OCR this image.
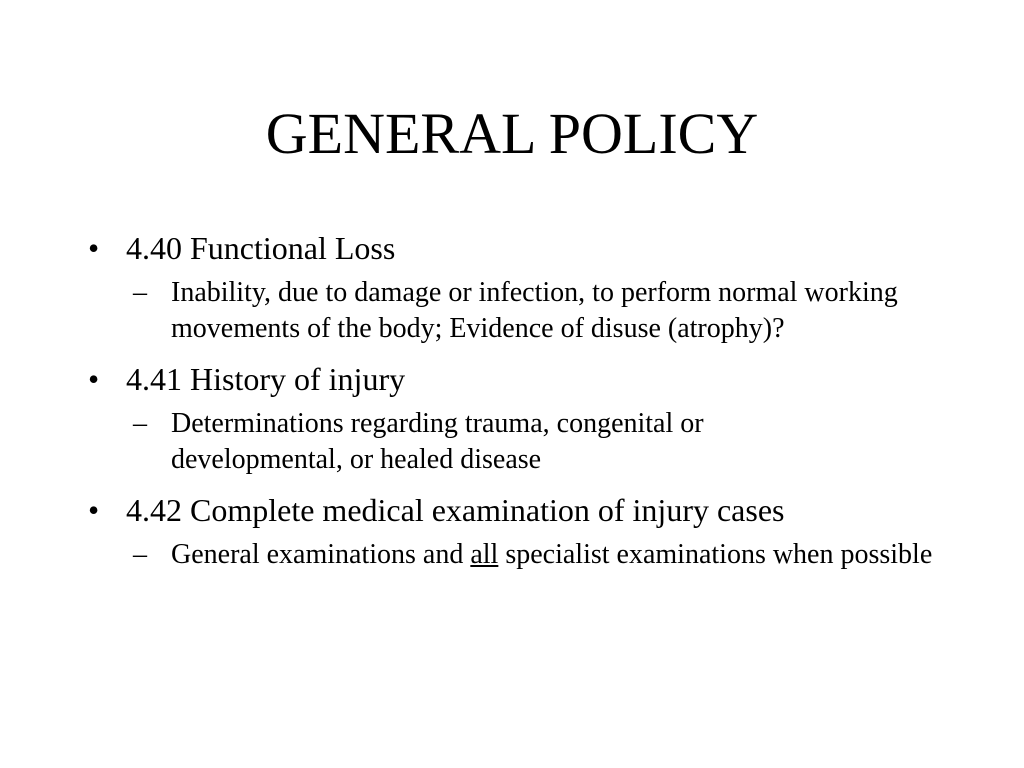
GENERAL POLICY
• 4.40 Functional Loss
– Inability, due to damage or infection, to perform normal working movements of the body; Evidence of disuse (atrophy)?
• 4.41 History of injury
– Determinations regarding trauma, congenital or developmental, or healed disease
• 4.42 Complete medical examination of injury cases
– General examinations and all specialist examinations when possible
